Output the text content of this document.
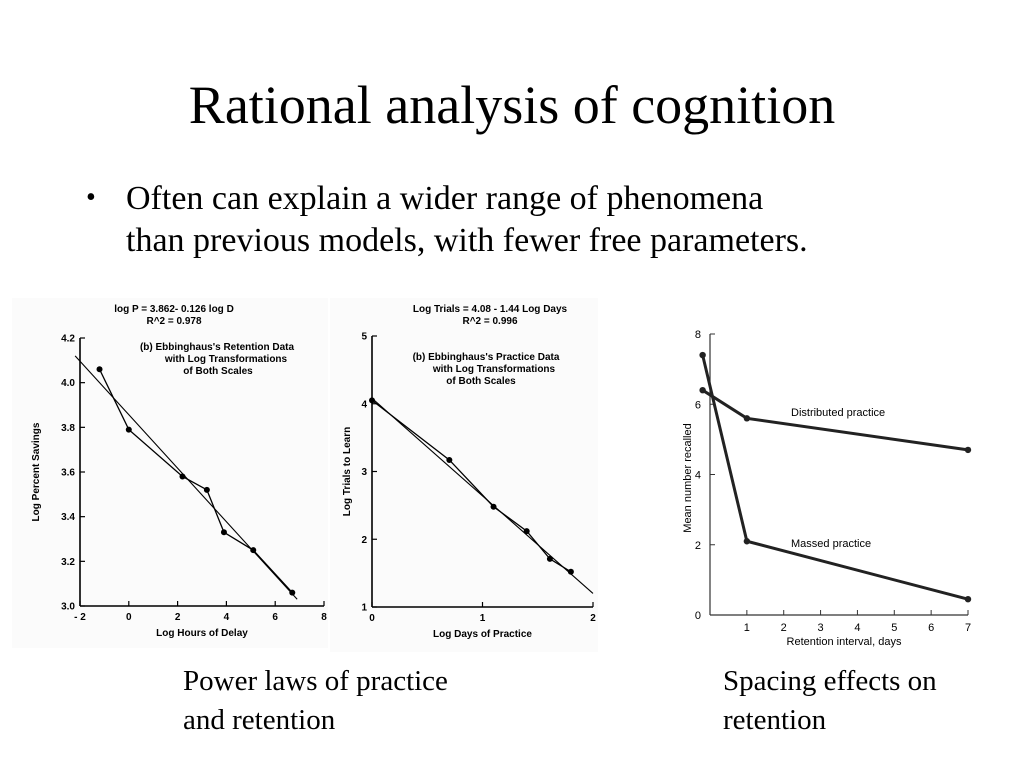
Rational analysis of cognition
• Often can explain a wider range of phenomena
than previous models, with fewer free parameters.
log P = 3.862- 0.126 log D
R^2 = 0.978
(b) Ebbinghaus's Retention Data
with Log Transformations
of Both Scales
- 2	0	2	4	6	8
3.0
3.2
3.4
3.6
3.8
4.0
4.2
Log Hours of Delay
Log Percent Savings
Log Trials = 4.08 - 1.44 Log Days
R^2 = 0.996
(b) Ebbinghaus's Practice Data
with Log Transformations
of Both Scales
0	1	2
1
2
3
4
5
Log Days of Practice
Log Trials to Learn
0
2
4
6
8
1	2	3	4	5	6	7
Retention interval, days
Mean number recalled
Distributed practice
Massed practice
Power laws of practice
and retention
Spacing effects on
retention
